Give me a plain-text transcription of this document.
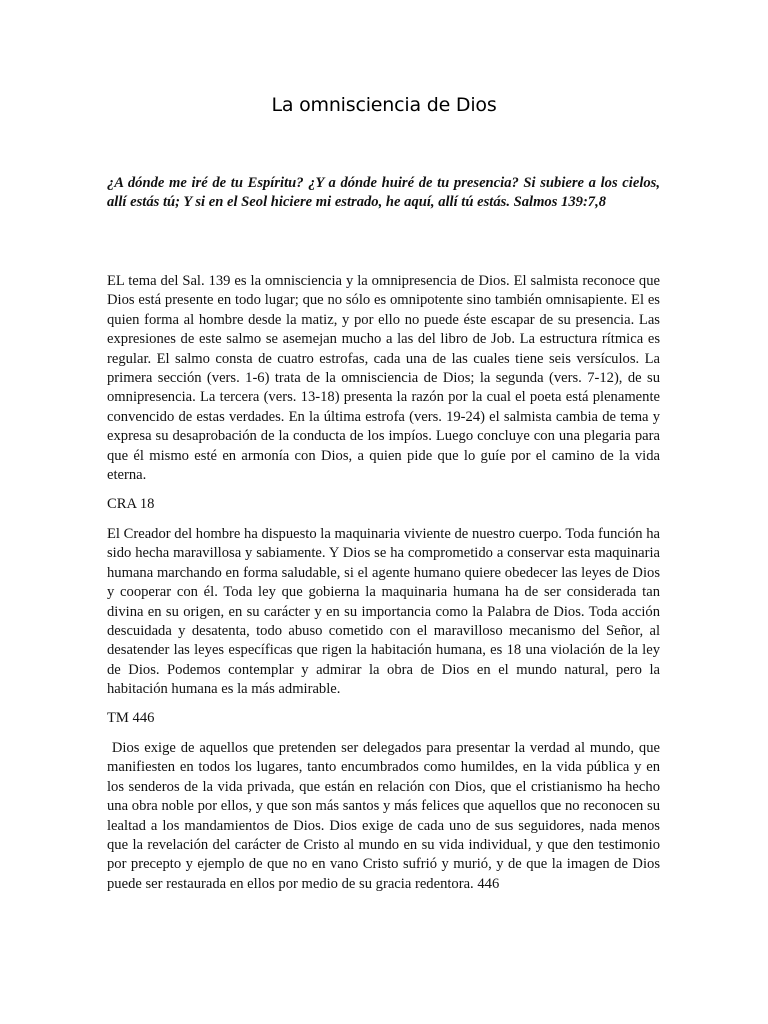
La omnisciencia de Dios

¿A dónde me iré de tu Espíritu? ¿Y a dónde huiré de tu presencia? Si subiere a los cielos, allí estás tú; Y si en el Seol hiciere mi estrado, he aquí, allí tú estás. Salmos 139:7,8

EL tema del Sal. 139 es la omnisciencia y la omnipresencia de Dios. El salmista reconoce que Dios está presente en todo lugar; que no sólo es omnipotente sino también omnisapiente. El es quien forma al hombre desde la matiz, y por ello no puede éste escapar de su presencia. Las expresiones de este salmo se asemejan mucho a las del libro de Job. La estructura rítmica es regular. El salmo consta de cuatro estrofas, cada una de las cuales tiene seis versículos. La primera sección (vers. 1-6) trata de la omnisciencia de Dios; la segunda (vers. 7-12), de su omnipresencia. La tercera (vers. 13-18) presenta la razón por la cual el poeta está plenamente convencido de estas verdades. En la última estrofa (vers. 19-24) el salmista cambia de tema y expresa su desaprobación de la conducta de los impíos. Luego concluye con una plegaria para que él mismo esté en armonía con Dios, a quien pide que lo guíe por el camino de la vida eterna.

CRA 18

El Creador del hombre ha dispuesto la maquinaria viviente de nuestro cuerpo. Toda función ha sido hecha maravillosa y sabiamente. Y Dios se ha comprometido a conservar esta maquinaria humana marchando en forma saludable, si el agente humano quiere obedecer las leyes de Dios y cooperar con él. Toda ley que gobierna la maquinaria humana ha de ser considerada tan divina en su origen, en su carácter y en su importancia como la Palabra de Dios. Toda acción descuidada y desatenta, todo abuso cometido con el maravilloso mecanismo del Señor, al desatender las leyes específicas que rigen la habitación humana, es 18 una violación de la ley de Dios. Podemos contemplar y admirar la obra de Dios en el mundo natural, pero la habitación humana es la más admirable.

TM 446

Dios exige de aquellos que pretenden ser delegados para presentar la verdad al mundo, que manifiesten en todos los lugares, tanto encumbrados como humildes, en la vida pública y en los senderos de la vida privada, que están en relación con Dios, que el cristianismo ha hecho una obra noble por ellos, y que son más santos y más felices que aquellos que no reconocen su lealtad a los mandamientos de Dios. Dios exige de cada uno de sus seguidores, nada menos que la revelación del carácter de Cristo al mundo en su vida individual, y que den testimonio por precepto y ejemplo de que no en vano Cristo sufrió y murió, y de que la imagen de Dios puede ser restaurada en ellos por medio de su gracia redentora. 446
